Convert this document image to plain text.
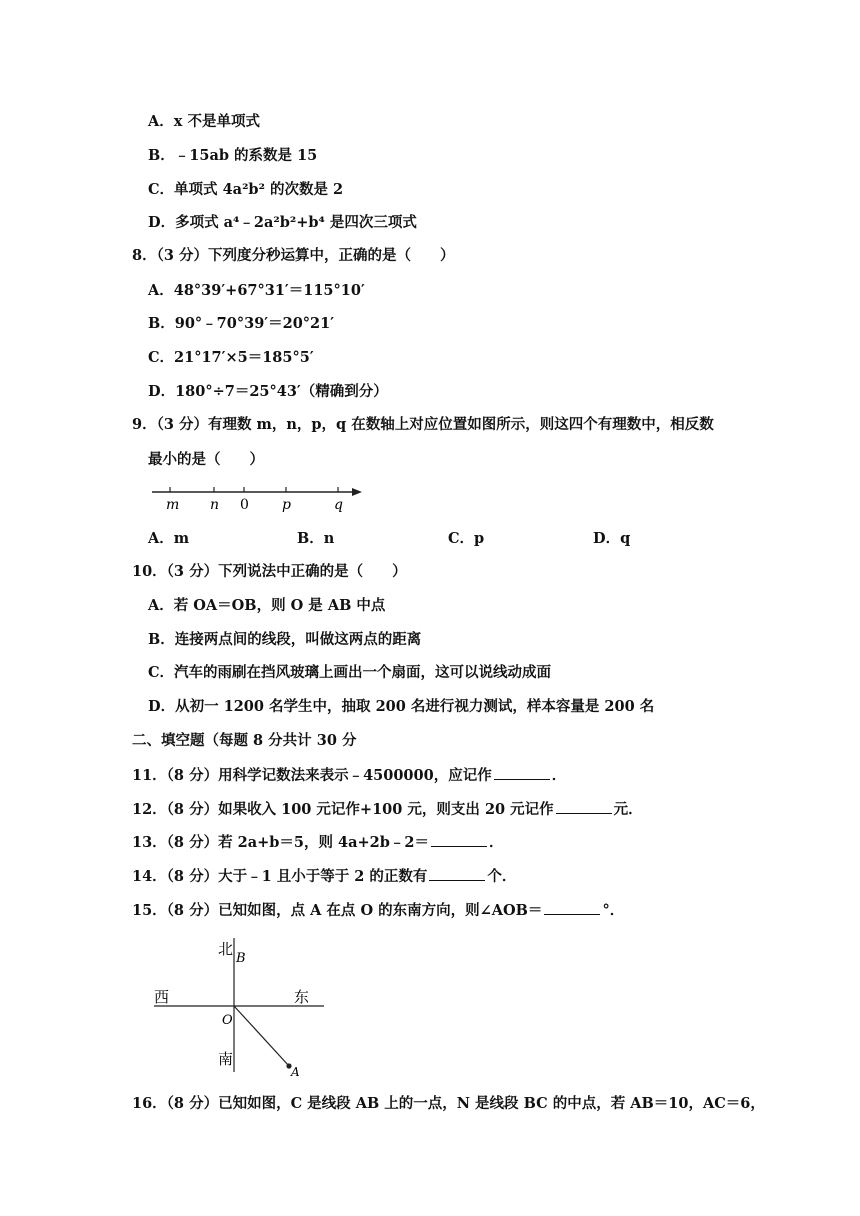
A．x 不是单项式
B．﹣15ab 的系数是 15
C．单项式 4a²b² 的次数是 2
D．多项式 a⁴﹣2a²b²+b⁴ 是四次三项式
8．（3 分）下列度分秒运算中，正确的是（　　）
A．48°39′+67°31′＝115°10′
B．90°﹣70°39′＝20°21′
C．21°17′×5＝185°5′
D．180°÷7＝25°43′（精确到分）
9．（3 分）有理数 m，n，p，q 在数轴上对应位置如图所示，则这四个有理数中，相反数
最小的是（　　）
m n 0 p	q
A．m	B．n	C．p	D．q
10．（3 分）下列说法中正确的是（　　）
A．若 OA＝OB，则 O 是 AB 中点
B．连接两点间的线段，叫做这两点的距离
C．汽车的雨刷在挡风玻璃上画出一个扇面，这可以说线动成面
D．从初一 1200 名学生中，抽取 200 名进行视力测试，样本容量是 200 名
二、填空题（每题 8 分共计 30 分
11．（8 分）用科学记数法来表示﹣4500000，应记作	．
12．（8 分）如果收入 100 元记作+100 元，则支出 20 元记作	元．
13．（8 分）若 2a+b＝5，则 4a+2b﹣2＝	．
14．（8 分）大于﹣1 且小于等于 2 的正数有	个．
15．（8 分）已知如图，点 A 在点 O 的东南方向，则∠AOB＝	°．
北
B
西	东
O
南
A
16．（8 分）已知如图，C 是线段 AB 上的一点，N 是线段 BC 的中点，若 AB＝10，AC＝6，
